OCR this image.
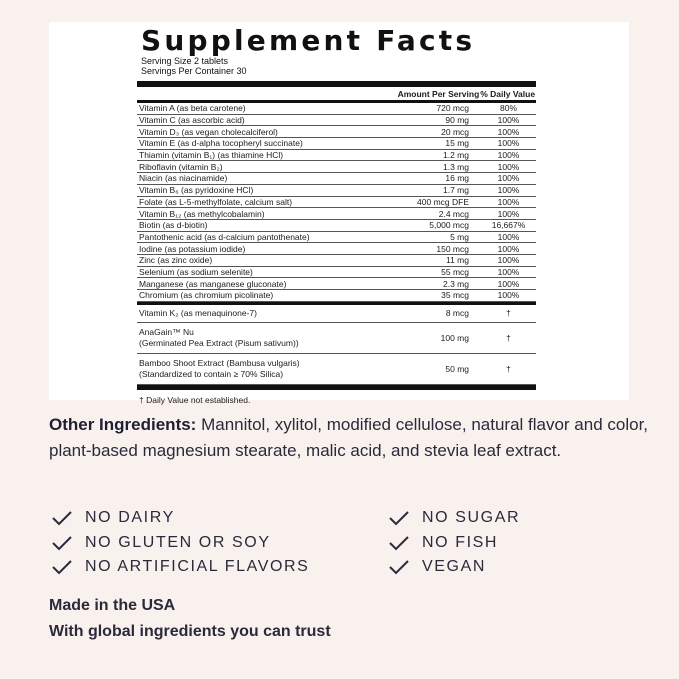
Supplement Facts
Serving Size 2 tablets
Servings Per Container 30
Amount Per Serving % Daily Value
Vitamin A (as beta carotene)	720 mcg	80%
Vitamin C (as ascorbic acid)	90 mg	100%
Vitamin D₃ (as vegan cholecalciferol)	20 mcg	100%
Vitamin E (as d-alpha tocopheryl succinate)	15 mg	100%
Thiamin (vitamin B₁) (as thiamine HCl)	1.2 mg	100%
Riboflavin (vitamin B₂)	1.3 mg	100%
Niacin (as niacinamide)	16 mg	100%
Vitamin B₆ (as pyridoxine HCl)	1.7 mg	100%
Folate (as L-5-methylfolate, calcium salt)	400 mcg DFE	100%
Vitamin B₁₂ (as methylcobalamin)	2.4 mcg	100%
Biotin (as d-biotin)	5,000 mcg	16,667%
Pantothenic acid (as d-calcium pantothenate)	5 mg	100%
Iodine (as potassium iodide)	150 mcg	100%
Zinc (as zinc oxide)	11 mg	100%
Selenium (as sodium selenite)	55 mcg	100%
Manganese (as manganese gluconate)	2.3 mg	100%
Chromium (as chromium picolinate)	35 mcg	100%
Vitamin K₂ (as menaquinone-7)	8 mcg	†
AnaGain™ Nu
(Germinated Pea Extract (Pisum sativum))	100 mg	†
Bamboo Shoot Extract (Bambusa vulgaris)
(Standardized to contain ≥ 70% Silica)	50 mg	†
† Daily Value not established.
Other Ingredients: Mannitol, xylitol, modified cellulose, natural flavor and color, plant-based magnesium stearate, malic acid, and stevia leaf extract.
NO DAIRY	NO SUGAR
NO GLUTEN OR SOY	NO FISH
NO ARTIFICIAL FLAVORS	VEGAN
Made in the USA
With global ingredients you can trust
